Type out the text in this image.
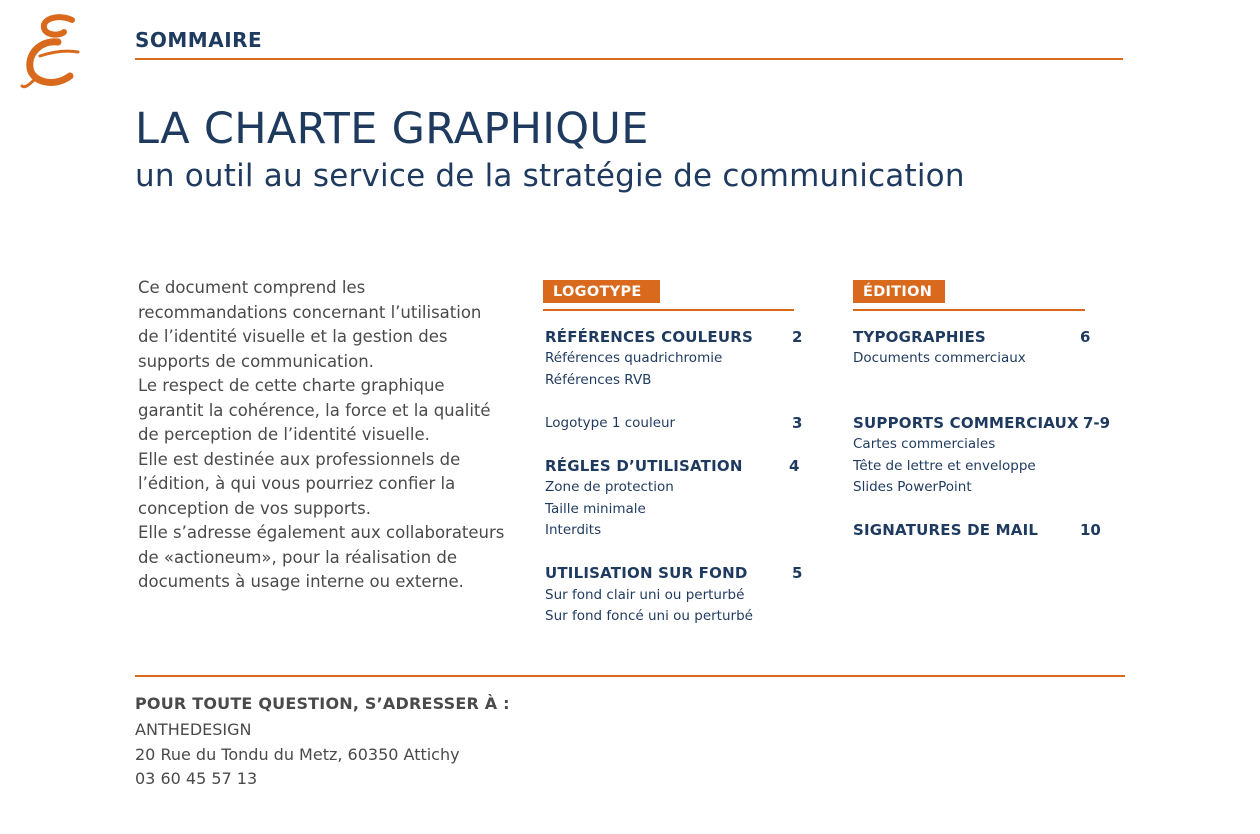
SOMMAIRE
LA CHARTE GRAPHIQUE
un outil au service de la stratégie de communication
Ce document comprend les
recommandations concernant l’utilisation
de l’identité visuelle et la gestion des
supports de communication.
Le respect de cette charte graphique
garantit la cohérence, la force et la qualité
de perception de l’identité visuelle.
Elle est destinée aux professionnels de
l’édition, à qui vous pourriez confier la
conception de vos supports.
Elle s’adresse également aux collaborateurs
de «actioneum», pour la réalisation de
documents à usage interne ou externe.
LOGOTYPE
RÉFÉRENCES COULEURS	2
Références quadrichromie
Références RVB
Logotype 1 couleur	3
RÉGLES D’UTILISATION	4
Zone de protection
Taille minimale
Interdits
UTILISATION SUR FOND	5
Sur fond clair uni ou perturbé
Sur fond foncé uni ou perturbé
ÉDITION
TYPOGRAPHIES	6
Documents commerciaux
SUPPORTS COMMERCIAUX 7-9
Cartes commerciales
Tête de lettre et enveloppe
Slides PowerPoint
SIGNATURES DE MAIL	10
POUR TOUTE QUESTION, S’ADRESSER À :
ANTHEDESIGN
20 Rue du Tondu du Metz, 60350 Attichy
03 60 45 57 13
